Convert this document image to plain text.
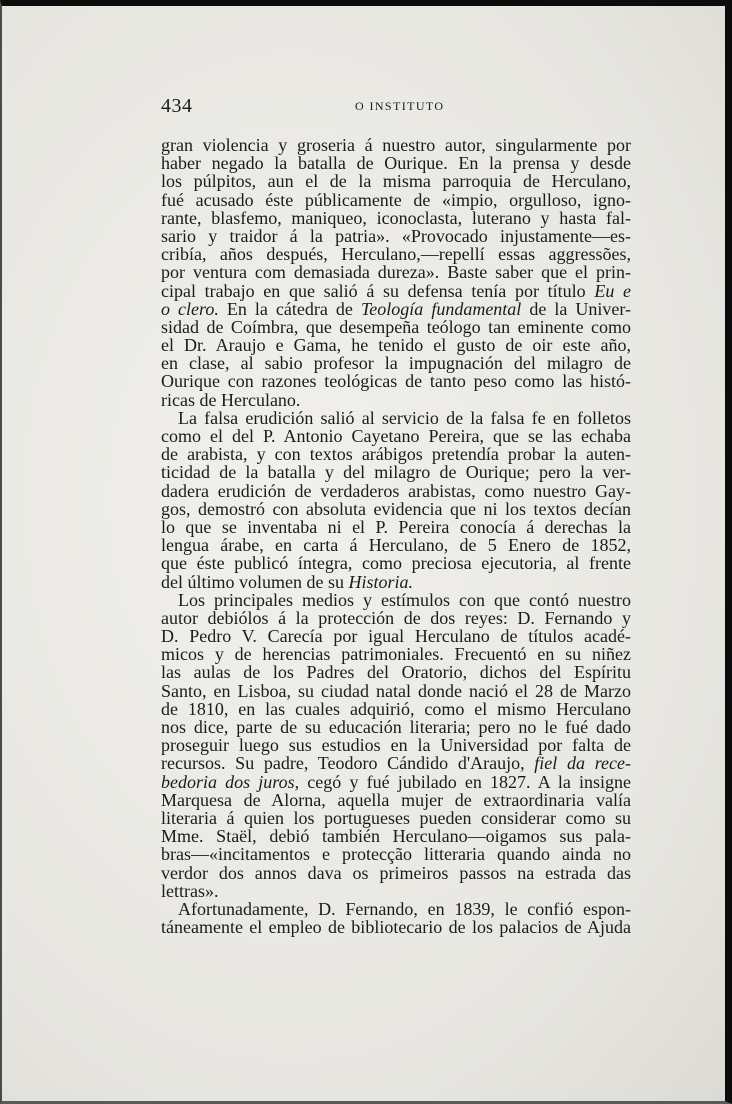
434	O INSTITUTO
gran violencia y groseria á nuestro autor, singularmente por
haber negado la batalla de Ourique. En la prensa y desde
los púlpitos, aun el de la misma parroquia de Herculano,
fué acusado éste públicamente de «impio, orgulloso, igno-
rante, blasfemo, maniqueo, iconoclasta, luterano y hasta fal-
sario y traidor á la patria». «Provocado injustamente—es-
cribía, años después, Herculano,—repellí essas aggressões,
por ventura com demasiada dureza». Baste saber que el prin-
cipal trabajo en que salió á su defensa tenía por título Eu e
o clero. En la cátedra de Teología fundamental de la Univer-
sidad de Coímbra, que desempeña teólogo tan eminente como
el Dr. Araujo e Gama, he tenido el gusto de oir este año,
en clase, al sabio profesor la impugnación del milagro de
Ourique con razones teológicas de tanto peso como las histó-
ricas de Herculano.
La falsa erudición salió al servicio de la falsa fe en folletos
como el del P. Antonio Cayetano Pereira, que se las echaba
de arabista, y con textos arábigos pretendía probar la auten-
ticidad de la batalla y del milagro de Ourique; pero la ver-
dadera erudición de verdaderos arabistas, como nuestro Gay-
gos, demostró con absoluta evidencia que ni los textos decían
lo que se inventaba ni el P. Pereira conocía á derechas la
lengua árabe, en carta á Herculano, de 5 Enero de 1852,
que éste publicó íntegra, como preciosa ejecutoria, al frente
del último volumen de su Historia.
Los principales medios y estímulos con que contó nuestro
autor debiólos á la protección de dos reyes: D. Fernando y
D. Pedro V. Carecía por igual Herculano de títulos acadé-
micos y de herencias patrimoniales. Frecuentó en su niñez
las aulas de los Padres del Oratorio, dichos del Espíritu
Santo, en Lisboa, su ciudad natal donde nació el 28 de Marzo
de 1810, en las cuales adquirió, como el mismo Herculano
nos dice, parte de su educación literaria; pero no le fué dado
proseguir luego sus estudios en la Universidad por falta de
recursos. Su padre, Teodoro Cándido d'Araujo, fiel da rece-
bedoria dos juros, cegó y fué jubilado en 1827. A la insigne
Marquesa de Alorna, aquella mujer de extraordinaria valía
literaria á quien los portugueses pueden considerar como su
Mme. Staël, debió también Herculano—oigamos sus pala-
bras—«incitamentos e protecção litteraria quando ainda no
verdor dos annos dava os primeiros passos na estrada das
lettras».
Afortunadamente, D. Fernando, en 1839, le confió espon-
táneamente el empleo de bibliotecario de los palacios de Ajuda
